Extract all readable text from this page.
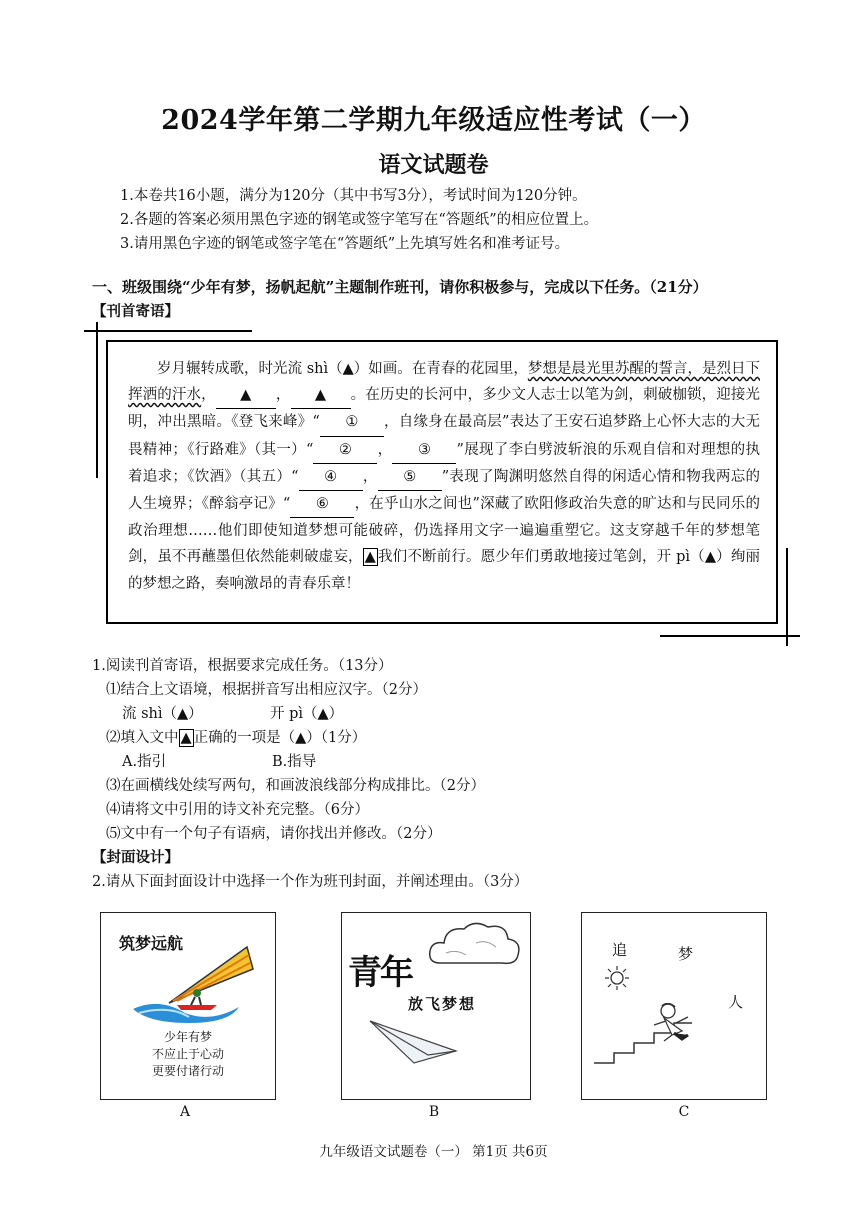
2024学年第二学期九年级适应性考试（一）
语文试题卷
1.本卷共16小题，满分为120分（其中书写3分），考试时间为120分钟。
2.各题的答案必须用黑色字迹的钢笔或签字笔写在“答题纸”的相应位置上。
3.请用黑色字迹的钢笔或签字笔在“答题纸”上先填写姓名和准考证号。
一、班级围绕“少年有梦，扬帆起航”主题制作班刊，请你积极参与，完成以下任务。（21分）
【刊首寄语】
岁月辗转成歌，时光流 shì（▲）如画。在青春的花园里，梦想是晨光里苏醒的誓言，是烈日下挥洒的汗水， ▲ ， ▲ 。在历史的长河中，多少文人志士以笔为剑，刺破枷锁，迎接光明，冲出黑暗。《登飞来峰》“ ① ，自缘身在最高层”表达了王安石追梦路上心怀大志的大无畏精神；《行路难》（其一）“ ② ， ③ ”展现了李白劈波斩浪的乐观自信和对理想的执着追求；《饮酒》（其五）“ ④ ， ⑤ ”表现了陶渊明悠然自得的闲适心情和物我两忘的人生境界；《醉翁亭记》“ ⑥ ，在乎山水之间也”深藏了欧阳修政治失意的旷达和与民同乐的政治理想……他们即使知道梦想可能破碎，仍选择用文字一遍遍重塑它。这支穿越千年的梦想笔剑，虽不再蘸墨但依然能刺破虚妄， ▲ 我们不断前行。愿少年们勇敢地接过笔剑，开 pì（▲）绚丽的梦想之路，奏响激昂的青春乐章！
1.阅读刊首寄语，根据要求完成任务。（13分）
⑴结合上文语境，根据拼音写出相应汉字。（2分）
流 shì（▲）	开 pì（▲）
⑵填入文中 ▲ 正确的一项是（▲）（1分）
A.指引	B.指导
⑶在画横线处续写两句，和画波浪线部分构成排比。（2分）
⑷请将文中引用的诗文补充完整。（6分）
⑸文中有一个句子有语病，请你找出并修改。（2分）
【封面设计】
2.请从下面封面设计中选择一个作为班刊封面，并阐述理由。（3分）
筑梦远航
少年有梦
不应止于心动
更要付诸行动
青年
放飞梦想
追	梦
人
A	B	C
九年级语文试题卷（一） 第1页 共6页
